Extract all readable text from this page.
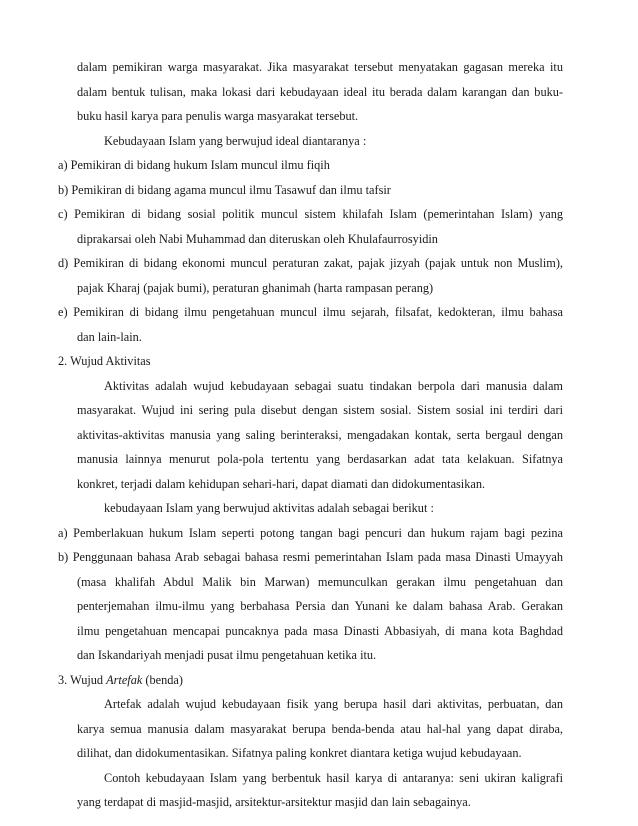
dalam pemikiran warga masyarakat. Jika masyarakat tersebut menyatakan gagasan mereka itu
dalam bentuk tulisan, maka lokasi dari kebudayaan ideal itu berada dalam karangan dan buku-
buku hasil karya para penulis warga masyarakat tersebut.
Kebudayaan Islam yang berwujud ideal diantaranya :
a) Pemikiran di bidang hukum Islam muncul ilmu fiqih
b) Pemikiran di bidang agama muncul ilmu Tasawuf dan ilmu tafsir
c) Pemikiran di bidang sosial politik muncul sistem khilafah Islam (pemerintahan Islam) yang
diprakarsai oleh Nabi Muhammad dan diteruskan oleh Khulafaurrosyidin
d) Pemikiran di bidang ekonomi muncul peraturan zakat, pajak jizyah (pajak untuk non Muslim),
pajak Kharaj (pajak bumi), peraturan ghanimah (harta rampasan perang)
e) Pemikiran di bidang ilmu pengetahuan muncul ilmu sejarah, filsafat, kedokteran, ilmu bahasa
dan lain-lain.
2. Wujud Aktivitas
Aktivitas adalah wujud kebudayaan sebagai suatu tindakan berpola dari manusia dalam
masyarakat. Wujud ini sering pula disebut dengan sistem sosial. Sistem sosial ini terdiri dari
aktivitas-aktivitas manusia yang saling berinteraksi, mengadakan kontak, serta bergaul dengan
manusia lainnya menurut pola-pola tertentu yang berdasarkan adat tata kelakuan. Sifatnya
konkret, terjadi dalam kehidupan sehari-hari, dapat diamati dan didokumentasikan.
kebudayaan Islam yang berwujud aktivitas adalah sebagai berikut :
a) Pemberlakuan hukum Islam seperti potong tangan bagi pencuri dan hukum rajam bagi pezina
b) Penggunaan bahasa Arab sebagai bahasa resmi pemerintahan Islam pada masa Dinasti Umayyah
(masa khalifah Abdul Malik bin Marwan) memunculkan gerakan ilmu pengetahuan dan
penterjemahan ilmu-ilmu yang berbahasa Persia dan Yunani ke dalam bahasa Arab. Gerakan
ilmu pengetahuan mencapai puncaknya pada masa Dinasti Abbasiyah, di mana kota Baghdad
dan Iskandariyah menjadi pusat ilmu pengetahuan ketika itu.
3. Wujud Artefak (benda)
Artefak adalah wujud kebudayaan fisik yang berupa hasil dari aktivitas, perbuatan, dan
karya semua manusia dalam masyarakat berupa benda-benda atau hal-hal yang dapat diraba,
dilihat, dan didokumentasikan. Sifatnya paling konkret diantara ketiga wujud kebudayaan.
Contoh kebudayaan Islam yang berbentuk hasil karya di antaranya: seni ukiran kaligrafi
yang terdapat di masjid-masjid, arsitektur-arsitektur masjid dan lain sebagainya.
